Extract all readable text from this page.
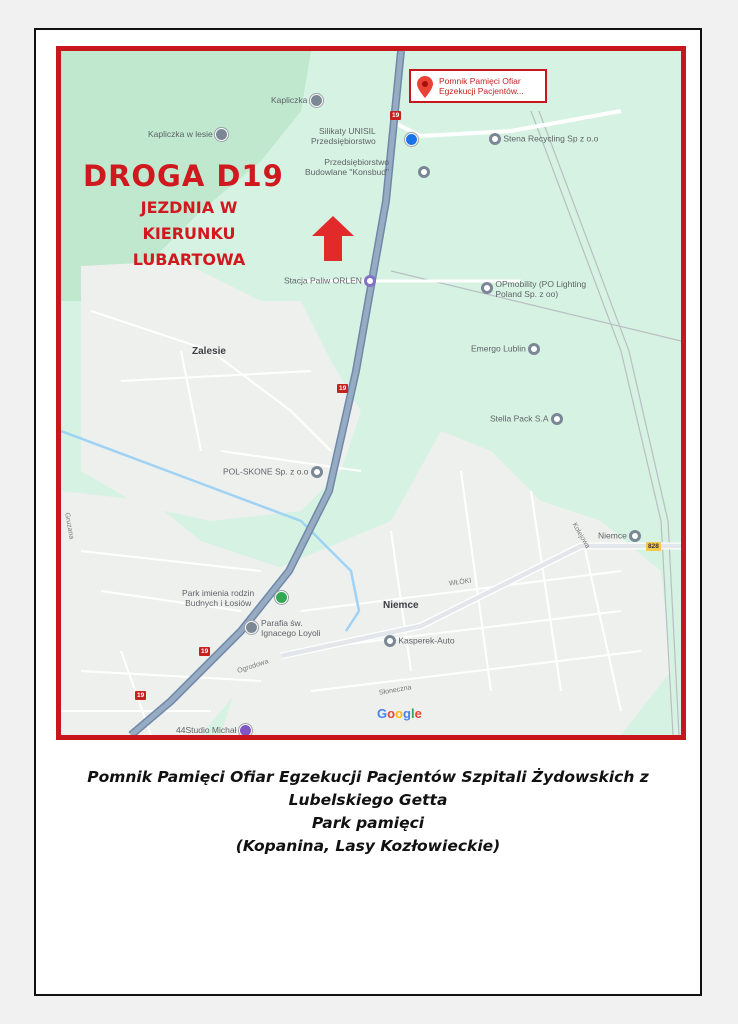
DROGA D19
JEZDNIA W
KIERUNKU
LUBARTOWA
Pomnik Pamięci Ofiar
Egzekucji Pacjentów...
Kapliczka
Kapliczka w lesie	Silikaty UNISIL
Przedsiębiorstwo	Stena Recycling Sp z o.o
Przedsiębiorstwo
Budowlane "Konsbud"
Stacja Paliw ORLEN
	OPmobility (PO Lighting
Poland Sp. z oo)
Zalesie	Emergo Lublin
Stella Pack S.A
POL-SKONE Sp. z o.o
Niemce
Park imienia rodzin
Budnych i Łosiów
Parafia św.
Ignacego Loyoli
Niemce
Kasperek-Auto
44Studio Michał
WŁÓKI
Kolejowa
Ogrodowa
Słoneczna
Gruzana
19
19
19
19
828
Google
Pomnik Pamięci Ofiar Egzekucji Pacjentów Szpitali Żydowskich z
Lubelskiego Getta
Park pamięci
(Kopanina, Lasy Kozłowieckie)
